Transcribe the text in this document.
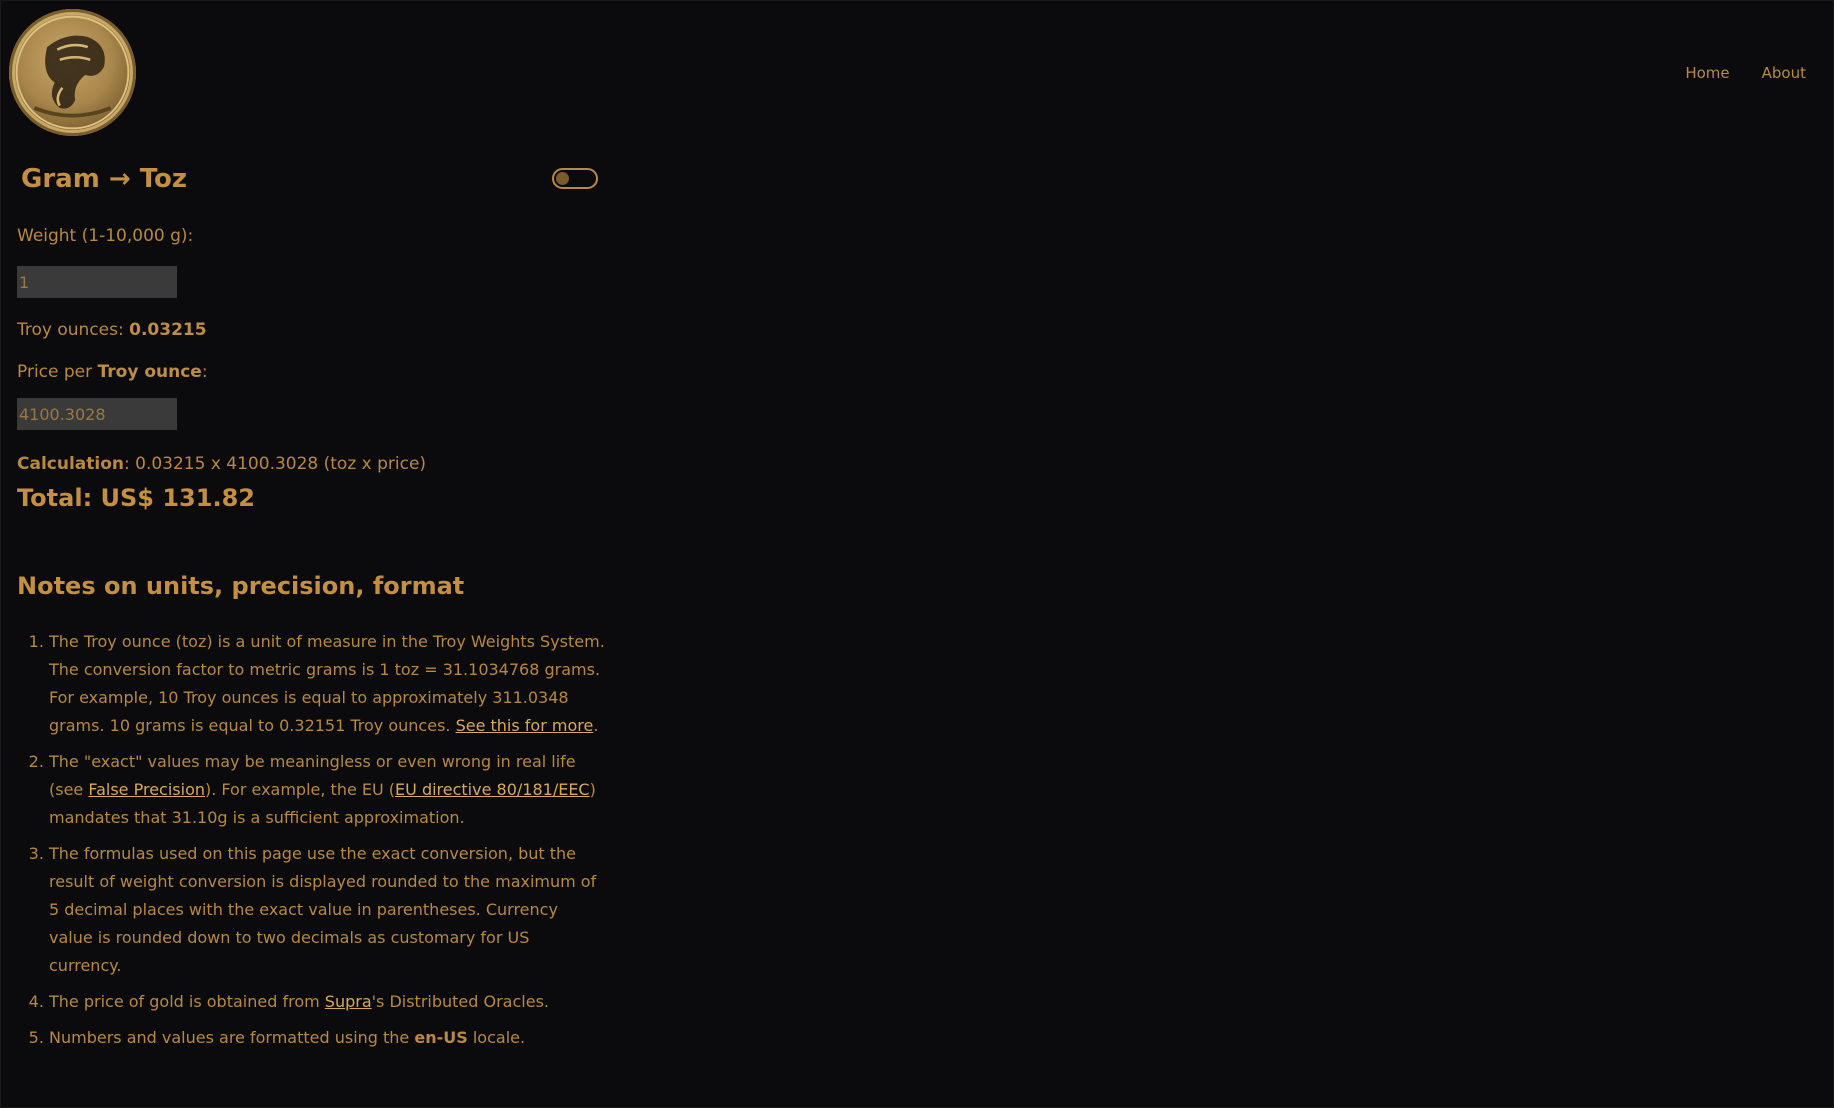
Home About
Gram → Toz
Weight (1-10,000 g):
1
Troy ounces: 0.03215
Price per Troy ounce:
4100.3028
Calculation: 0.03215 x 4100.3028 (toz x price)
Total: US$ 131.82
Notes on units, precision, format
1. The Troy ounce (toz) is a unit of measure in the Troy Weights System. The conversion factor to metric grams is 1 toz = 31.1034768 grams. For example, 10 Troy ounces is equal to approximately 311.0348 grams. 10 grams is equal to 0.32151 Troy ounces. See this for more.
2. The "exact" values may be meaningless or even wrong in real life (see False Precision). For example, the EU (EU directive 80/181/EEC) mandates that 31.10g is a sufficient approximation.
3. The formulas used on this page use the exact conversion, but the result of weight conversion is displayed rounded to the maximum of 5 decimal places with the exact value in parentheses. Currency value is rounded down to two decimals as customary for US currency.
4. The price of gold is obtained from Supra's Distributed Oracles.
5. Numbers and values are formatted using the en-US locale.
